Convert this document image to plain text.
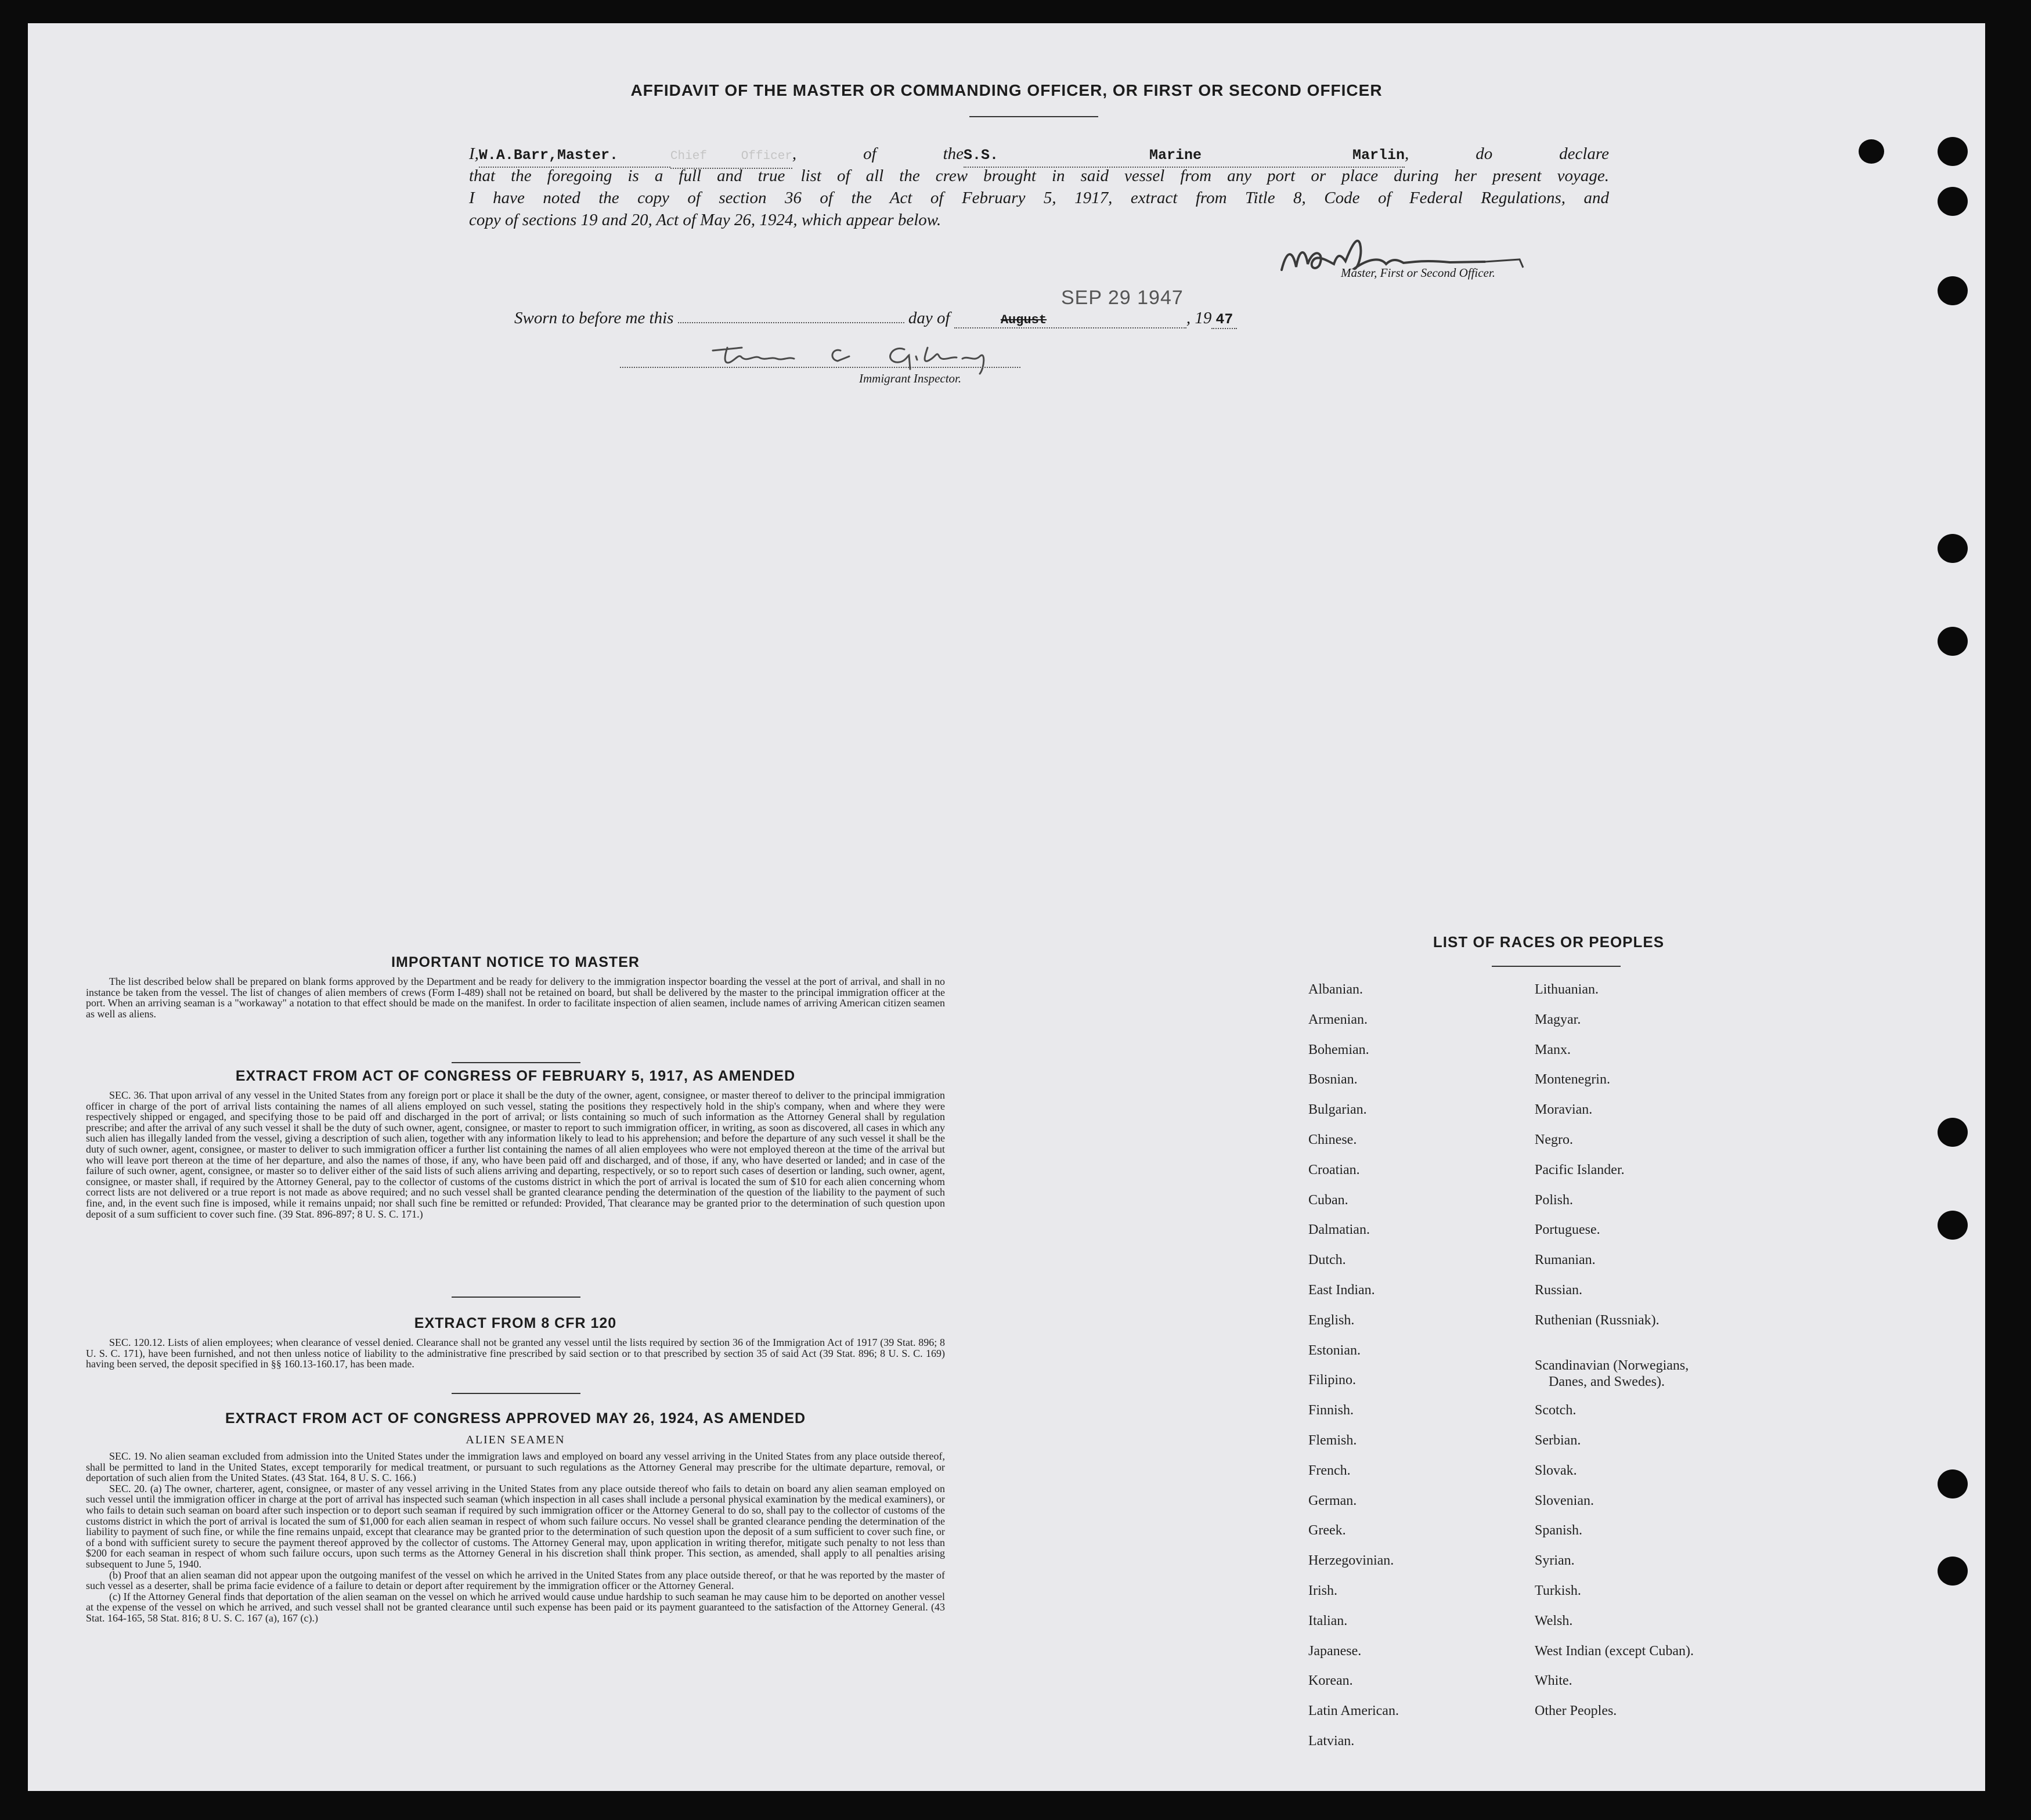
AFFIDAVIT OF THE MASTER OR COMMANDING OFFICER, OR FIRST OR SECOND OFFICER
I,W.A.Barr,Master.	Chief Officer, of theS.S. Marine Marlin, do declare
that the foregoing is a full and true list of all the crew brought in said vessel from any port or place during her present voyage.
I have noted the copy of section 36 of the Act of February 5, 1917, extract from Title 8, Code of Federal Regulations, and
copy of sections 19 and 20, Act of May 26, 1924, which appear below.
Master, First or Second Officer.
Sworn to before me this	day of	August	, 19 47
SEP 29 1947
Immigrant Inspector.
IMPORTANT NOTICE TO MASTER

The list described below shall be prepared on blank forms approved by the Department and be ready for delivery to the immigration inspector boarding the vessel at the port of arrival, and shall in no instance be taken from the vessel. The list of changes of alien members of crews (Form I-489) shall not be retained on board, but shall be delivered by the master to the principal immigration officer at the port. When an arriving seaman is a "workaway" a notation to that effect should be made on the manifest. In order to facilitate inspection of alien seamen, include names of arriving American citizen seamen as well as aliens.

EXTRACT FROM ACT OF CONGRESS OF FEBRUARY 5, 1917, AS AMENDED

SEC. 36. That upon arrival of any vessel in the United States from any foreign port or place it shall be the duty of the owner, agent, consignee, or master thereof to deliver to the principal immigration officer in charge of the port of arrival lists containing the names of all aliens employed on such vessel, stating the positions they respectively hold in the ship's company, when and where they were respectively shipped or engaged, and specifying those to be paid off and discharged in the port of arrival; or lists containing so much of such information as the Attorney General shall by regulation prescribe; and after the arrival of any such vessel it shall be the duty of such owner, agent, consignee, or master to report to such immigration officer, in writing, as soon as discovered, all cases in which any such alien has illegally landed from the vessel, giving a description of such alien, together with any information likely to lead to his apprehension; and before the departure of any such vessel it shall be the duty of such owner, agent, consignee, or master to deliver to such immigration officer a further list containing the names of all alien employees who were not employed thereon at the time of the arrival but who will leave port thereon at the time of her departure, and also the names of those, if any, who have been paid off and discharged, and of those, if any, who have deserted or landed; and in case of the failure of such owner, agent, consignee, or master so to deliver either of the said lists of such aliens arriving and departing, respectively, or so to report such cases of desertion or landing, such owner, agent, consignee, or master shall, if required by the Attorney General, pay to the collector of customs of the customs district in which the port of arrival is located the sum of $10 for each alien concerning whom correct lists are not delivered or a true report is not made as above required; and no such vessel shall be granted clearance pending the determination of the question of the liability to the payment of such fine, and, in the event such fine is imposed, while it remains unpaid; nor shall such fine be remitted or refunded: Provided, That clearance may be granted prior to the determination of such question upon deposit of a sum sufficient to cover such fine. (39 Stat. 896-897; 8 U. S. C. 171.)

EXTRACT FROM 8 CFR 120

SEC. 120.12. Lists of alien employees; when clearance of vessel denied. Clearance shall not be granted any vessel until the lists required by section 36 of the Immigration Act of 1917 (39 Stat. 896; 8 U. S. C. 171), have been furnished, and not then unless notice of liability to the administrative fine prescribed by said section or to that prescribed by section 35 of said Act (39 Stat. 896; 8 U. S. C. 169) having been served, the deposit specified in §§ 160.13-160.17, has been made.

EXTRACT FROM ACT OF CONGRESS APPROVED MAY 26, 1924, AS AMENDED
ALIEN SEAMEN

SEC. 19. No alien seaman excluded from admission into the United States under the immigration laws and employed on board any vessel arriving in the United States from any place outside thereof, shall be permitted to land in the United States, except temporarily for medical treatment, or pursuant to such regulations as the Attorney General may prescribe for the ultimate departure, removal, or deportation of such alien from the United States. (43 Stat. 164, 8 U. S. C. 166.)

SEC. 20. (a) The owner, charterer, agent, consignee, or master of any vessel arriving in the United States from any place outside thereof who fails to detain on board any alien seaman employed on such vessel until the immigration officer in charge at the port of arrival has inspected such seaman (which inspection in all cases shall include a personal physical examination by the medical examiners), or who fails to detain such seaman on board after such inspection or to deport such seaman if required by such immigration officer or the Attorney General to do so, shall pay to the collector of customs of the customs district in which the port of arrival is located the sum of $1,000 for each alien seaman in respect of whom such failure occurs. No vessel shall be granted clearance pending the determination of the liability to payment of such fine, or while the fine remains unpaid, except that clearance may be granted prior to the determination of such question upon the deposit of a sum sufficient to cover such fine, or of a bond with sufficient surety to secure the payment thereof approved by the collector of customs. The Attorney General may, upon application in writing therefor, mitigate such penalty to not less than $200 for each seaman in respect of whom such failure occurs, upon such terms as the Attorney General in his discretion shall think proper. This section, as amended, shall apply to all penalties arising subsequent to June 5, 1940.

(b) Proof that an alien seaman did not appear upon the outgoing manifest of the vessel on which he arrived in the United States from any place outside thereof, or that he was reported by the master of such vessel as a deserter, shall be prima facie evidence of a failure to detain or deport after requirement by the immigration officer or the Attorney General.

(c) If the Attorney General finds that deportation of the alien seaman on the vessel on which he arrived would cause undue hardship to such seaman he may cause him to be deported on another vessel at the expense of the vessel on which he arrived, and such vessel shall not be granted clearance until such expense has been paid or its payment guaranteed to the satisfaction of the Attorney General. (43 Stat. 164-165, 58 Stat. 816; 8 U. S. C. 167 (a), 167 (c).)

LIST OF RACES OR PEOPLES
Albanian.
Armenian.
Bohemian.
Bosnian.
Bulgarian.
Chinese.
Croatian.
Cuban.
Dalmatian.
Dutch.
East Indian.
English.
Estonian.
Filipino.
Finnish.
Flemish.
French.
German.
Greek.
Herzegovinian.
Irish.
Italian.
Japanese.
Korean.
Latin American.
Latvian.
Lithuanian.
Magyar.
Manx.
Montenegrin.
Moravian.
Negro.
Pacific Islander.
Polish.
Portuguese.
Rumanian.
Russian.
Ruthenian (Russniak).
Scandinavian (Norwegians,
Danes, and Swedes).
Scotch.
Serbian.
Slovak.
Slovenian.
Spanish.
Syrian.
Turkish.
Welsh.
West Indian (except Cuban).
White.
Other Peoples.
